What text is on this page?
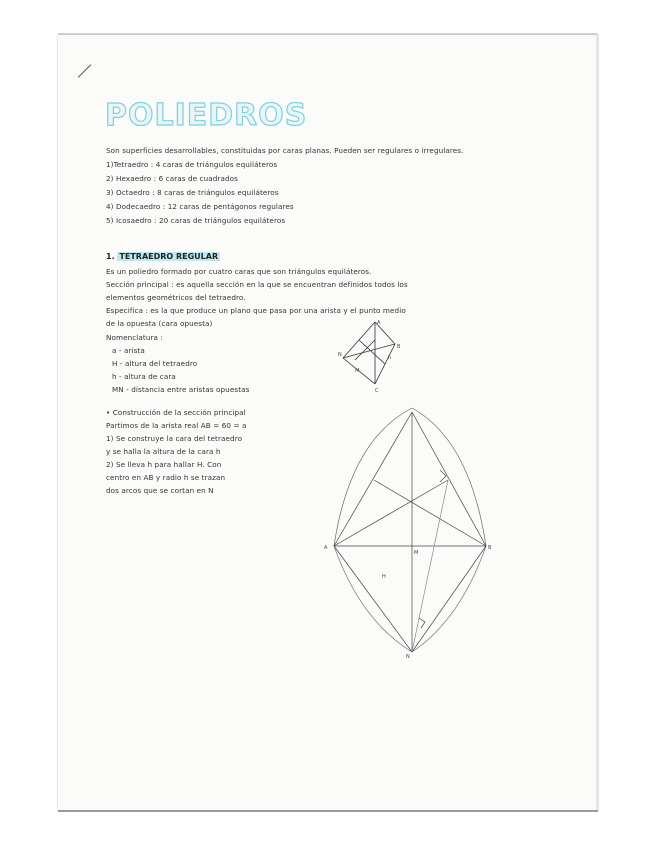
POLIEDROS
Son superficies desarrollables, constituidas por caras planas. Pueden ser regulares o irregulares.
1)Tetraedro : 4 caras de triángulos equiláteros
2) Hexaedro : 6 caras de cuadrados
3) Octaedro : 8 caras de triángulos equiláteros
4) Dodecaedro : 12 caras de pentágonos regulares
5) Icosaedro : 20 caras de triángulos equiláteros
1. TETRAEDRO REGULAR
Es un poliedro formado por cuatro caras que son triángulos equiláteros.
Sección principal : es aquella sección en la que se encuentran definidos todos los
elementos geométricos del tetraedro.
Especifica : es la que produce un plano que pasa por una arista y el punto medio
de la opuesta (cara opuesta)
Nomenclatura :
a - arista
H - altura del tetraedro
h - altura de cara
MN - distancia entre aristas opuestas
• Construcción de la sección principal
Partimos de la arista real AB = 60 = a
1) Se construye la cara del tetraedro
y se halla la altura de la cara h
2) Se lleva h para hallar H. Con
centro en AB y radio h se trazan
dos arcos que se cortan en N
A
B
C
M
N	h
A	B
M
N
H
